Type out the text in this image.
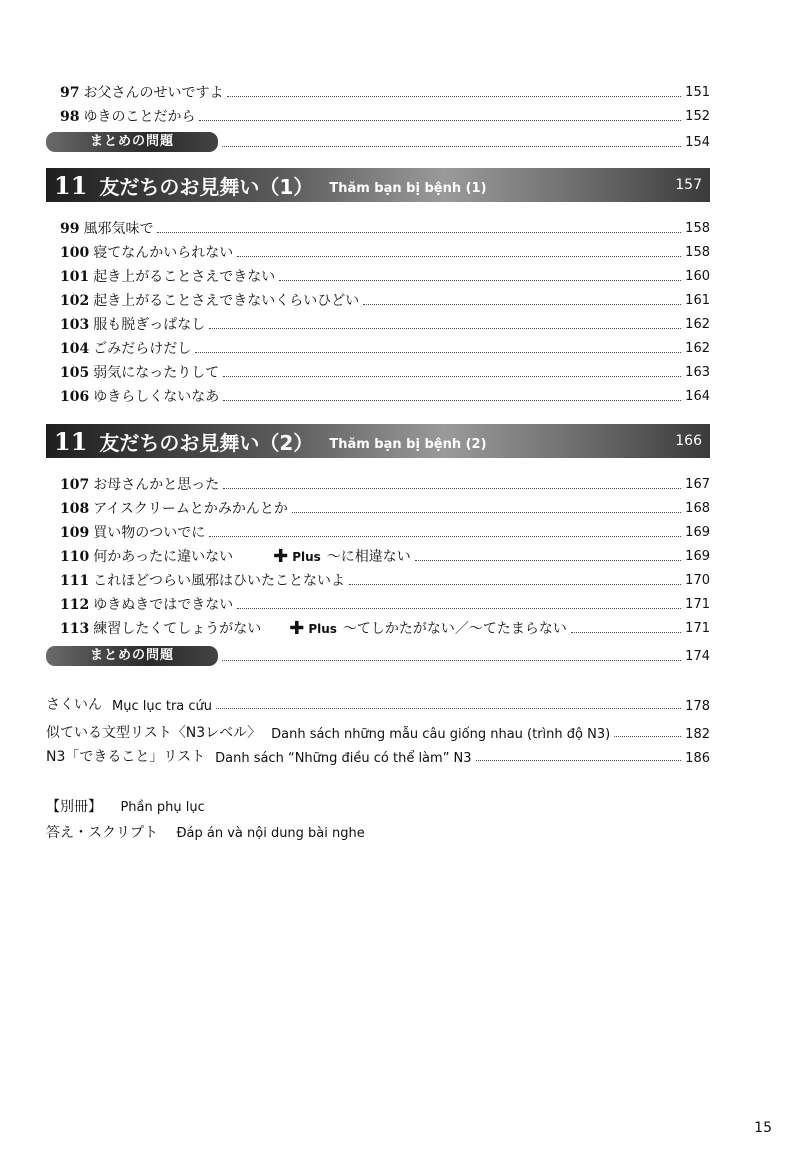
97 お父さんのせいですよ	151
98 ゆきのことだから	152
まとめの問題	154
11 友だちのお見舞い（1） Thăm bạn bị bệnh (1)	157
99 風邪気味で	158
100 寝てなんかいられない	158
101 起き上がることさえできない	160
102 起き上がることさえできないくらいひどい	161
103 服も脱ぎっぱなし	162
104 ごみだらけだし	162
105 弱気になったりして	163
106 ゆきらしくないなあ	164
11 友だちのお見舞い（2） Thăm bạn bị bệnh (2)	166
107 お母さんかと思った	167
108 アイスクリームとかみかんとか	168
109 買い物のついでに	169
110 何かあったに違いない ✚ Plus 〜に相違ない	169
111 これほどつらい風邪はひいたことないよ	170
112 ゆきぬきではできない	171
113 練習したくてしょうがない ✚ Plus 〜てしかたがない／〜てたまらない	171
まとめの問題	174
さくいん Mục lục tra cứu	178
似ている文型リスト〈N3レベル〉 Danh sách những mẫu câu giống nhau (trình độ N3)	182
N3「できること」リスト Danh sách “Những điều có thể làm” N3	186
【別冊】 Phần phụ lục
答え・スクリプト Đáp án và nội dung bài nghe
15
